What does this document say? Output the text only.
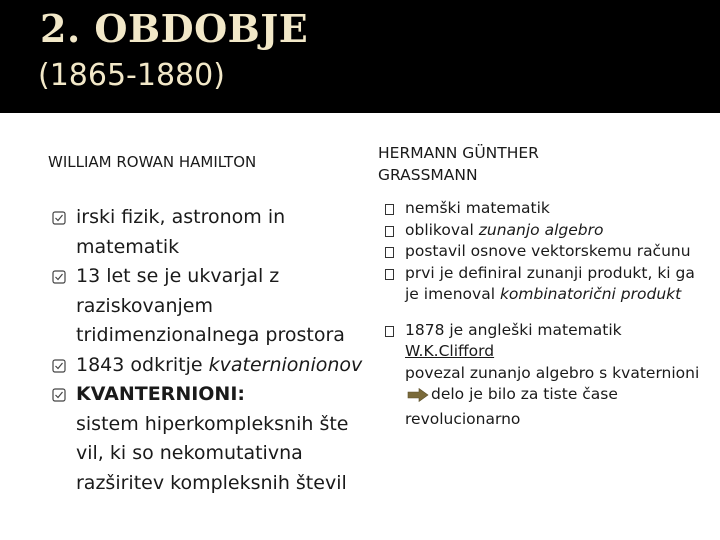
2. OBDOBJE
(1865-1880)
WILLIAM ROWAN HAMILTON	HERMANN GÜNTHER GRASSMANN
irski fizik, astronom in matematik
13 let se je ukvarjal z raziskovanjem tridimenzionalnega prostora
1843 odkritje kvaternionionov
KVANTERNIONI:
sistem hiperkompleksnih šte vil, ki so nekomutativna razširitev kompleksnih števil
nemški matematik
oblikoval zunanjo algebro
postavil osnove vektorskemu računu
prvi je definiral zunanji produkt, ki ga je imenoval kombinatorični produkt
1878 je angleški matematik
W.K.Clifford
povezal zunanjo algebro s kvaternioni delo je bilo za tiste čase revolucionarno
